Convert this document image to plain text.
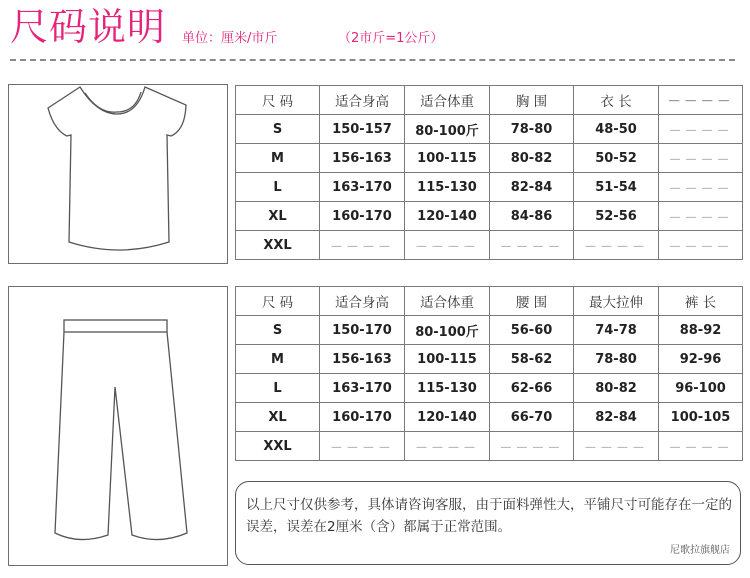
尺码说明 单位：厘米/市斤	（2市斤=1公斤）
尺 码	适合身高	适合体重	胸 围	衣 长	－－－－
S	150-157	80-100斤	78-80	48-50	－－－－
M	156-163	100-115	80-82	50-52	－－－－
L	163-170	115-130	82-84	51-54	－－－－
XL	160-170	120-140	84-86	52-56	－－－－
XXL	－－－－	－－－－	－－－－	－－－－	－－－－
尺 码	适合身高	适合体重	腰 围	最大拉伸	裤 长
S	150-170	80-100斤	56-60	74-78	88-92
M	156-163	100-115	58-62	78-80	92-96
L	163-170	115-130	62-66	80-82	96-100
XL	160-170	120-140	66-70	82-84	100-105
XXL	－－－－	－－－－	－－－－	－－－－	－－－－
以上尺寸仅供参考，具体请咨询客服，由于面料弹性大，平铺尺寸可能存在一定的误差，误差在2厘米（含）都属于正常范围。
尼歌拉旗舰店
